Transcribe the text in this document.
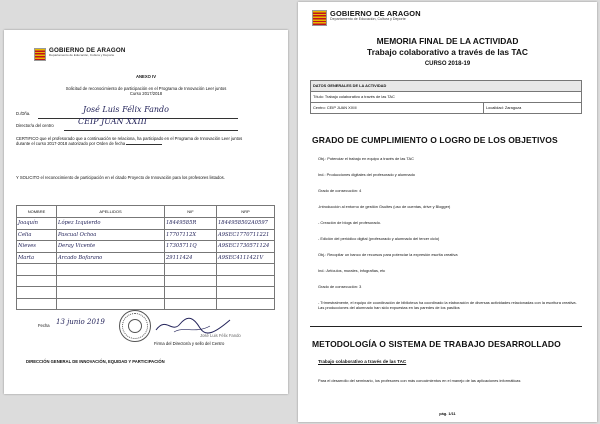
GOBIERNO DE ARAGON
Departamento de Educación, Cultura y Deporte
ANEXO IV
Solicitud de reconocimiento de participación en el Programa de Innovación Leer juntos Curso 2017/2018
D./Dña.	José Luis Félix Fando
Director/a del centro	CEIP JUAN XXIII
CERTIFICO que el profesorado que a continuación se relaciona, ha participado en el Programa de Innovación Leer juntos durante el curso 2017-2018 autorizado por Orden de fecha
Y SOLICITO el reconocimiento de participación en el citado Proyecto de Innovación para los profesores listados.
NOMBRE	APELLIDOS	NIF	NRP
Joaquín	López Izquierdo	18449585R	1844958502A0597
Celia	Pascual Ochoa	17707112X	A9SEC1770711221
Nieves	Deray Vicente	17305711Q	A9SEC1730571124
Marta	Arcado Bofarano	29111424	A9SEC4111421V

Fecha 13 junio 2019
José Luis Félix Fando
Firma del Director/a y sello del Centro
DIRECCIÓN GENERAL DE INNOVACIÓN, EQUIDAD Y PARTICIPACIÓN
GOBIERNO DE ARAGON
Departamento de Educación, Cultura y Deporte
MEMORIA FINAL DE LA ACTIVIDAD
Trabajo colaborativo a través de las TAC
CURSO 2018-19
DATOS GENERALES DE LA ACTIVIDAD
Título: Trabajo colaborativo a través de las TAC
Centro: CEIP JUAN XXIII	Localidad: Zaragoza
GRADO DE CUMPLIMIENTO O LOGRO DE LOS OBJETIVOS
Obj.: Potenciar el trabajo en equipo a través de las TAC
Ind.: Producciones digitales del profesorado y alumnado
Grado de consecución: 4
-Introducción al entorno de gestión Gsuites (uso de cuentas, drive y Blogger)
- Creación de blogs del profesorado.
- Edición del periódico digital (profesorado y alumnado del tercer ciclo)
Obj.: Recopilar un banco de recursos para potenciar la expresión escrita creativa
Ind.: Artículos, murales, infografías, etc
Grado de consecución: 3
- Trimestralmente, el equipo de coordinación de biblioteca ha coordinado la elaboración de diversas actividades relacionadas con la escritura creativa. Las producciones del alumnado han sido expuestas en las paredes de los pasillos
METODOLOGÍA O SISTEMA DE TRABAJO DESARROLLADO
Trabajo colaborativo a través de las TAC
Para el desarrollo del seminario, los profesores con más conocimientos en el manejo de las aplicaciones informáticas
pág. 1/11
